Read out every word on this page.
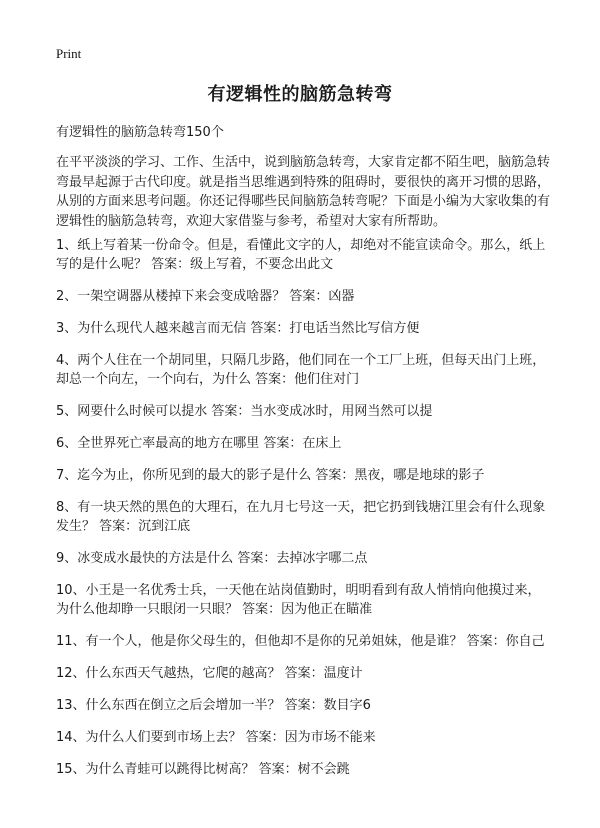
Print
有逻辑性的脑筋急转弯
有逻辑性的脑筋急转弯150个
在平平淡淡的学习、工作、生活中，说到脑筋急转弯，大家肯定都不陌生吧，脑筋急转弯最早起源于古代印度。就是指当思维遇到特殊的阻碍时，要很快的离开习惯的思路，从别的方面来思考问题。你还记得哪些民间脑筋急转弯呢？下面是小编为大家收集的有逻辑性的脑筋急转弯，欢迎大家借鉴与参考，希望对大家有所帮助。
1、纸上写着某一份命令。但是，看懂此文字的人，却绝对不能宣读命令。那么，纸上写的是什么呢？ 答案：级上写着，不要念出此文
2、一架空调器从楼掉下来会变成啥器？ 答案：凶器
3、为什么现代人越来越言而无信 答案：打电话当然比写信方便
4、两个人住在一个胡同里，只隔几步路，他们同在一个工厂上班，但每天出门上班，却总一个向左，一个向右，为什么 答案：他们住对门
5、网要什么时候可以提水 答案：当水变成冰时，用网当然可以提
6、全世界死亡率最高的地方在哪里 答案：在床上
7、迄今为止，你所见到的最大的影子是什么 答案：黑夜，哪是地球的影子
8、有一块天然的黑色的大理石，在九月七号这一天，把它扔到钱塘江里会有什么现象发生？ 答案：沉到江底
9、冰变成水最快的方法是什么 答案：去掉冰字哪二点
10、小王是一名优秀士兵，一天他在站岗值勤时，明明看到有敌人悄悄向他摸过来，为什么他却睁一只眼闭一只眼？ 答案：因为他正在瞄准
11、有一个人，他是你父母生的，但他却不是你的兄弟姐妹，他是谁？ 答案：你自己
12、什么东西天气越热，它爬的越高？ 答案：温度计
13、什么东西在倒立之后会增加一半？ 答案：数目字6
14、为什么人们要到市场上去？ 答案：因为市场不能来
15、为什么青蛙可以跳得比树高？ 答案：树不会跳
